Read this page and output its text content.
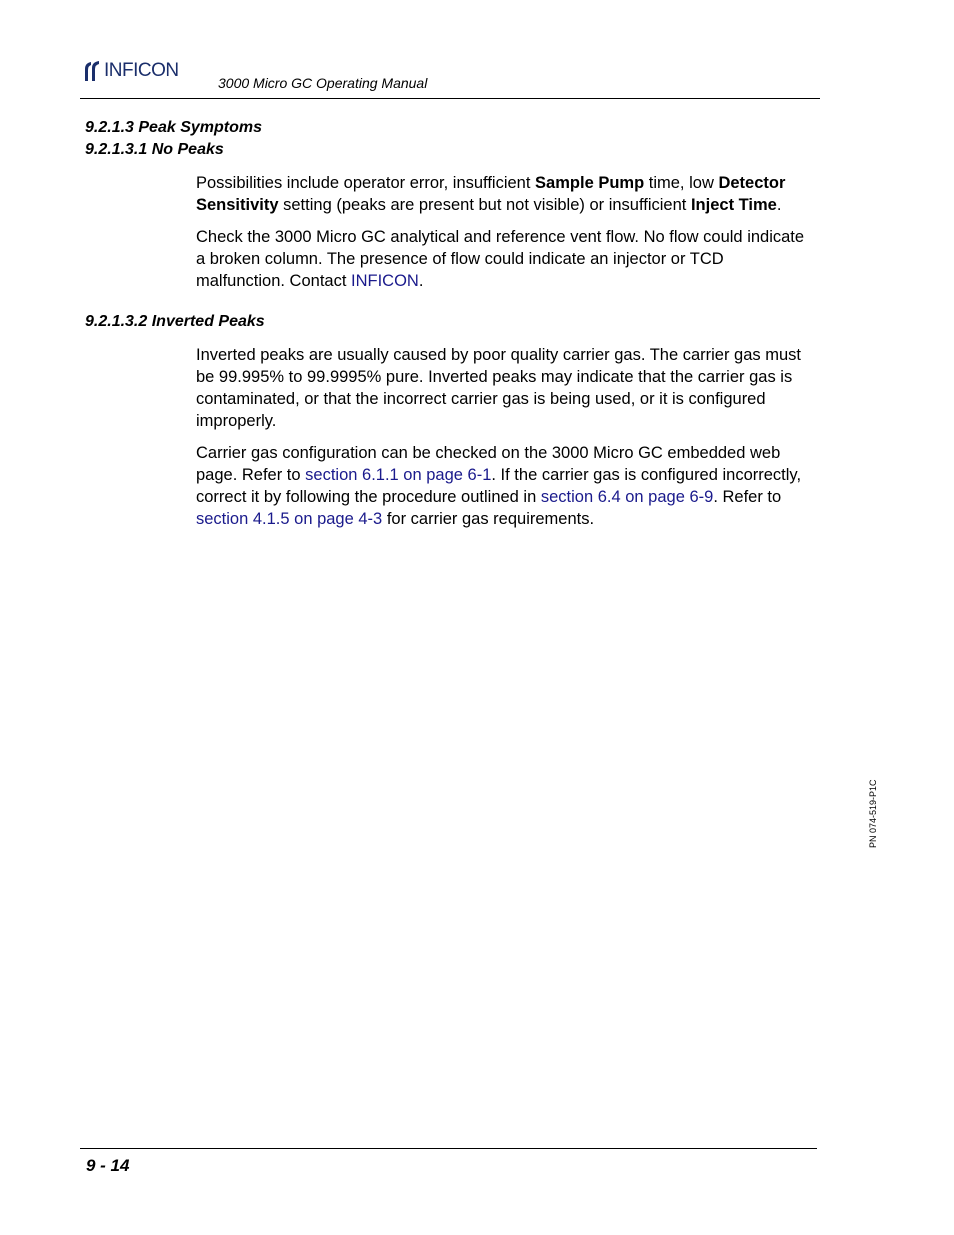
INFICON
3000 Micro GC Operating Manual
9.2.1.3 Peak Symptoms
9.2.1.3.1 No Peaks

Possibilities include operator error, insufficient Sample Pump time, low Detector Sensitivity setting (peaks are present but not visible) or insufficient Inject Time.

Check the 3000 Micro GC analytical and reference vent flow. No flow could indicate a broken column. The presence of flow could indicate an injector or TCD malfunction. Contact INFICON.

9.2.1.3.2 Inverted Peaks

Inverted peaks are usually caused by poor quality carrier gas. The carrier gas must be 99.995% to 99.9995% pure. Inverted peaks may indicate that the carrier gas is contaminated, or that the incorrect carrier gas is being used, or it is configured improperly.

Carrier gas configuration can be checked on the 3000 Micro GC embedded web page. Refer to section 6.1.1 on page 6-1. If the carrier gas is configured incorrectly, correct it by following the procedure outlined in section 6.4 on page 6-9. Refer to section 4.1.5 on page 4-3 for carrier gas requirements.

PN 074-519-P1C
9 - 14
